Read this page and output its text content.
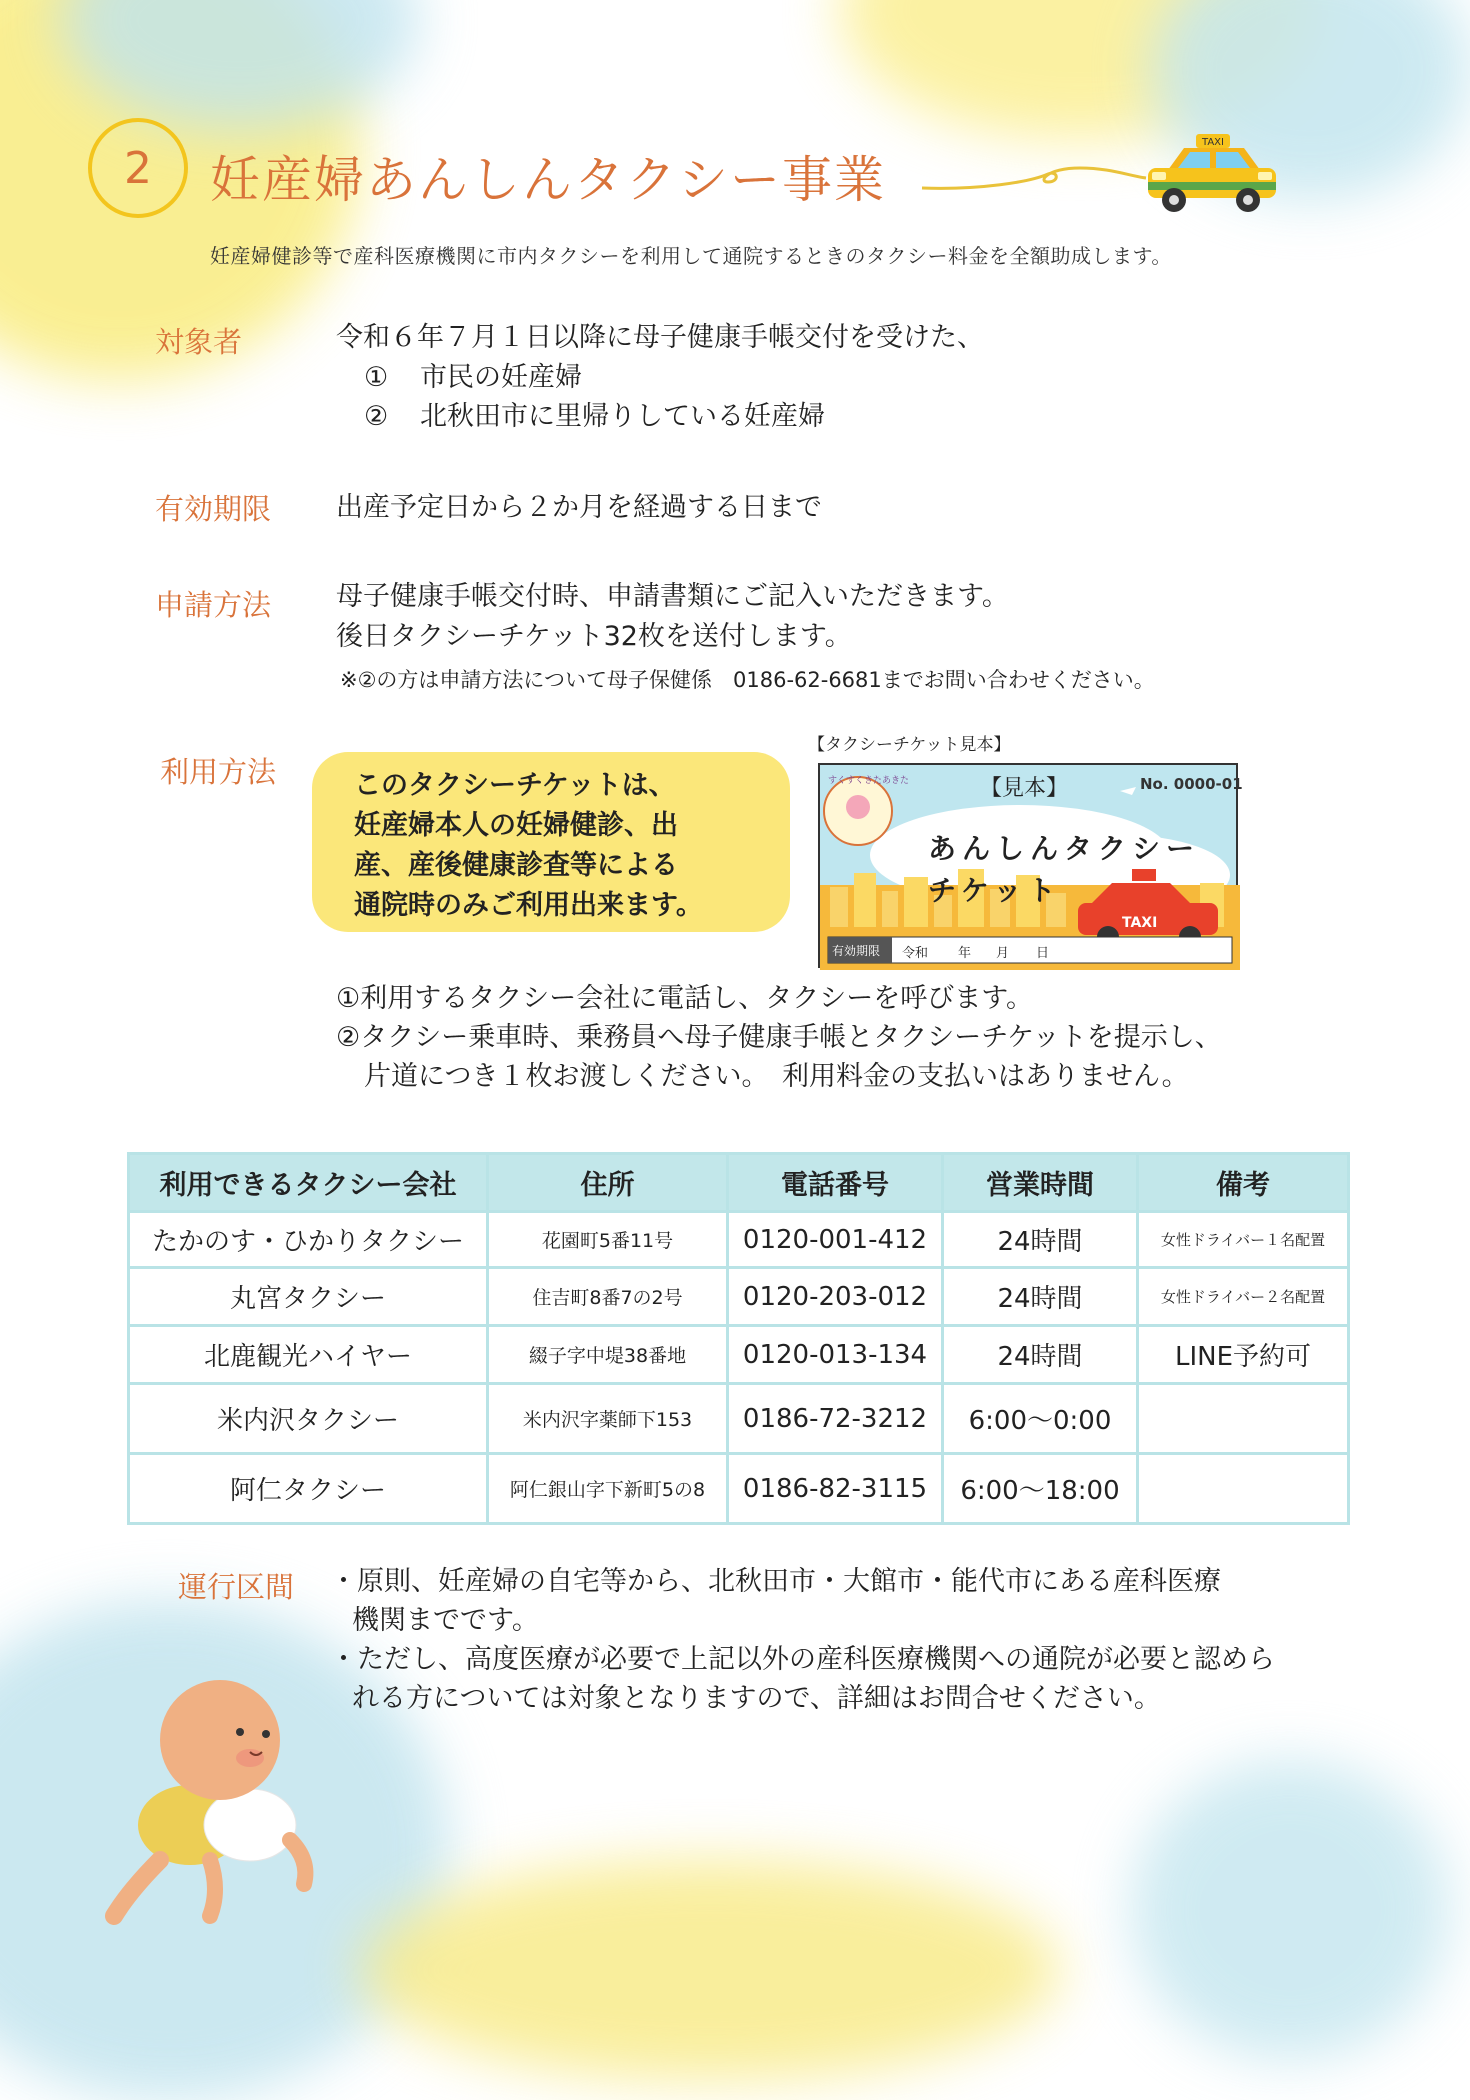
2	妊産婦あんしんタクシー事業
TAXI
妊産婦健診等で産科医療機関に市内タクシーを利用して通院するときのタクシー料金を全額助成します。
対象者	令和６年７月１日以降に母子健康手帳交付を受けた、
① 市民の妊産婦
② 北秋田市に里帰りしている妊産婦
有効期限 出産予定日から２か月を経過する日まで
申請方法 母子健康手帳交付時、申請書類にご記入いただきます。
後日タクシーチケット32枚を送付します。
※②の方は申請方法について母子保健係　0186-62-6681までお問い合わせください。
利用方法	このタクシーチケットは、
妊産婦本人の妊婦健診、出
産、産後健康診査等による
通院時のみご利用出来ます。
【タクシーチケット見本】
すくすくきたあきた	【見本】	No. 0000-01
あんしんタクシー
チケット
TAXI
有効期限 令和 年 月 日
①利用するタクシー会社に電話し、タクシーを呼びます。
②タクシー乗車時、乗務員へ母子健康手帳とタクシーチケットを提示し、
片道につき１枚お渡しください。　利用料金の支払いはありません。
利用できるタクシー会社	住所	電話番号	営業時間	備考
たかのす・ひかりタクシー	花園町5番11号	0120-001-412	24時間	女性ドライバー１名配置
丸宮タクシー	住吉町8番7の2号	0120-203-012	24時間	女性ドライバー２名配置
北鹿観光ハイヤー	綴子字中堤38番地	0120-013-134	24時間	LINE予約可
米内沢タクシー	米内沢字薬師下153	0186-72-3212	6:00～0:00	
阿仁タクシー	阿仁銀山字下新町5の8	0186-82-3115	6:00～18:00	
運行区間 ・原則、妊産婦の自宅等から、北秋田市・大館市・能代市にある産科医療
機関までです。
・ただし、高度医療が必要で上記以外の産科医療機関への通院が必要と認めら
れる方については対象となりますので、詳細はお問合せください。
